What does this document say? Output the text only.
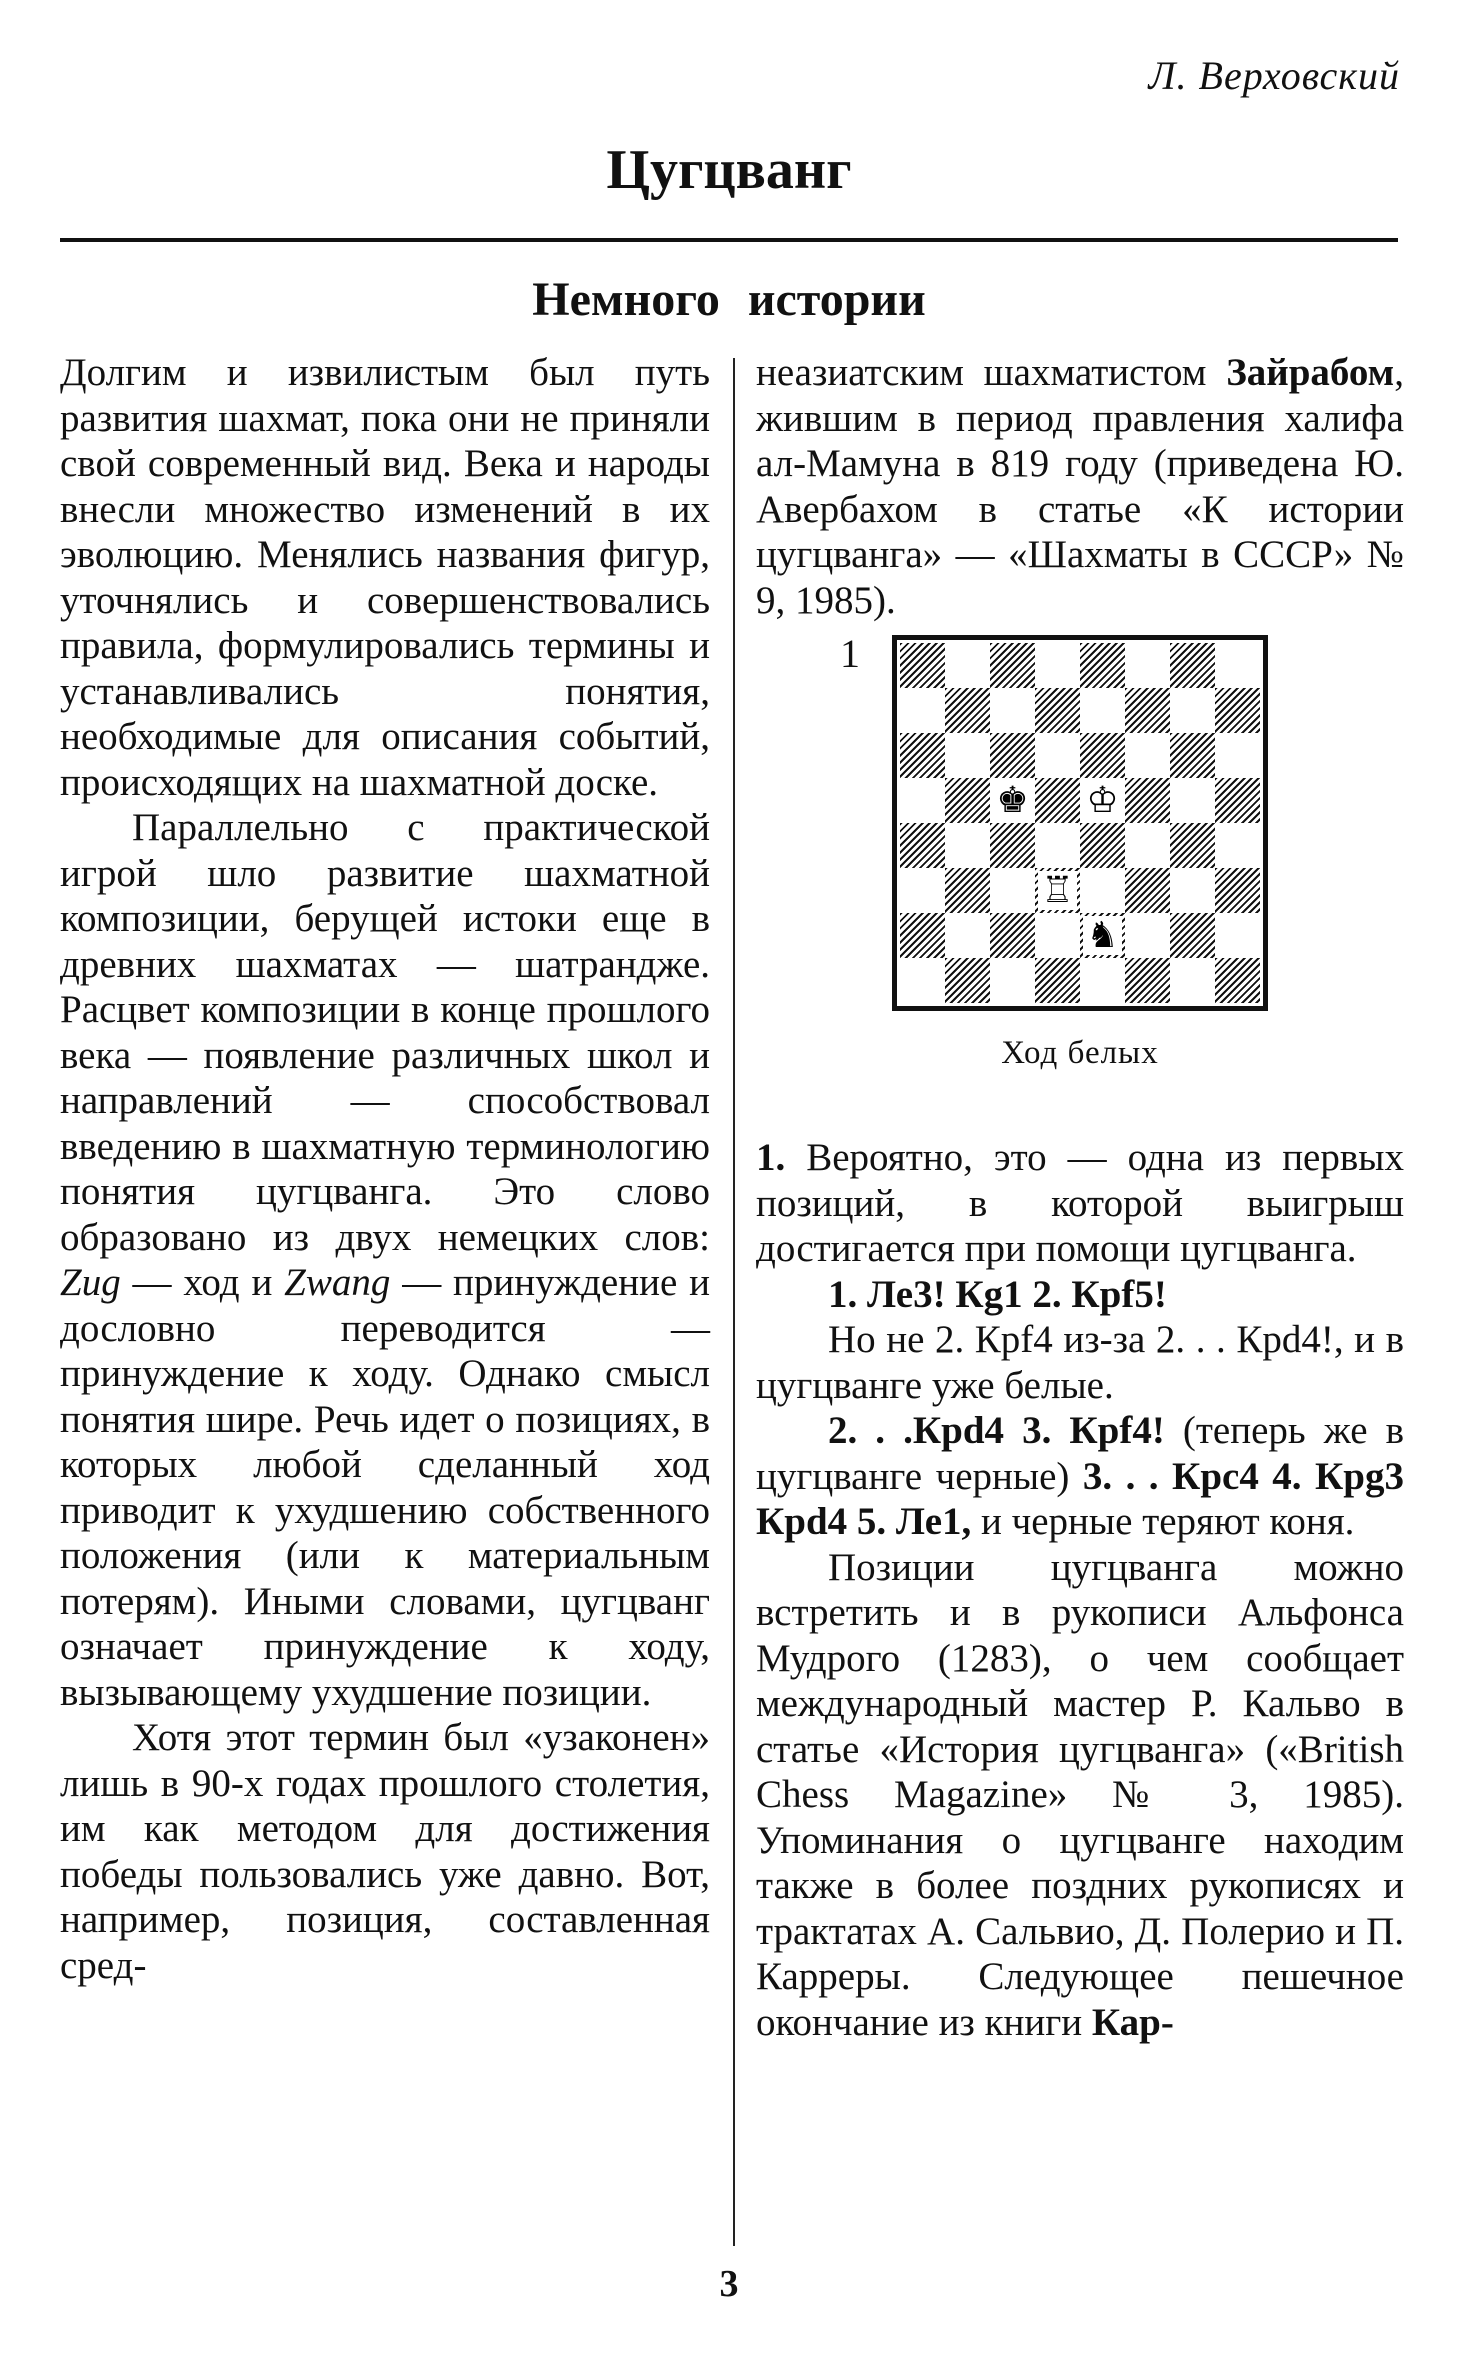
Л. Верховский
Цугцванг
Немного истории

Долгим и извилистым был путь развития шахмат, пока они не приняли свой современный вид. Века и народы внесли множество изменений в их эволюцию. Менялись названия фигур, уточнялись и совершенствовались правила, формулировались термины и устанавливались понятия, необходимые для описания событий, происходящих на шахматной доске.

Параллельно с практической игрой шло развитие шахматной композиции, берущей истоки еще в древних шахматах — шатрандже. Расцвет композиции в конце прошлого века — появление различных школ и направлений — способствовал введению в шахматную терминологию понятия цугцванга. Это слово образовано из двух немецких слов: Zug — ход и Zwang — принуждение и дословно переводится — принуждение к ходу. Однако смысл понятия шире. Речь идет о позициях, в которых любой сделанный ход приводит к ухудшению собственного положения (или к материальным потерям). Иными словами, цугцванг означает принуждение к ходу, вызывающему ухудшение позиции.

Хотя этот термин был «узаконен» лишь в 90-х годах прошлого столетия, им как методом для достижения победы пользовались уже давно. Вот, например, позиция, составленная сред-

неазиатским шахматистом Зайрабом, жившим в период правления халифа ал-Мамуна в 819 году (приведена Ю. Авербахом в статье «К истории цугцванга» — «Шахматы в СССР» № 9, 1985).

1
♚ ♔
♖
♞
Ход белых

1. Вероятно, это — одна из первых позиций, в которой выигрыш достигается при помощи цугцванга.

1. Ле3! Кg1 2. Крf5!

Но не 2. Крf4 из-за 2. . . Крd4!, и в цугцванге уже белые.

2. . .Крd4 3. Крf4! (теперь же в цугцванге черные) 3. . . Крс4 4. Крg3 Крd4 5. Ле1, и черные теряют коня.

Позиции цугцванга можно встретить и в рукописи Альфонса Мудрого (1283), о чем сообщает международный мастер Р. Кальво в статье «История цугцванга» («British Chess Magazine» № 3, 1985). Упоминания о цугцванге находим также в более поздних рукописях и трактатах А. Сальвио, Д. Полерио и П. Карреры. Следующее пешечное окончание из книги Кар-

3
